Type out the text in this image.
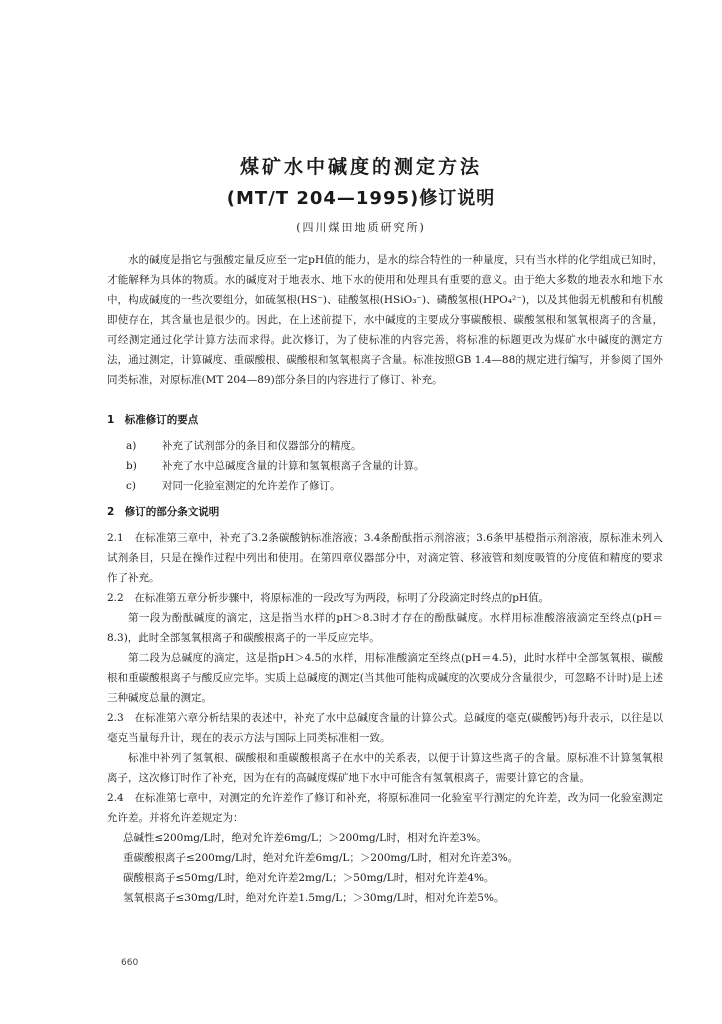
煤矿水中碱度的测定方法
(MT/T 204—1995)修订说明
(四川煤田地质研究所)

水的碱度是指它与强酸定量反应至一定pH值的能力，是水的综合特性的一种量度，只有当水样的化学组成已知时，才能解释为具体的物质。水的碱度对于地表水、地下水的使用和处理具有重要的意义。由于绝大多数的地表水和地下水中，构成碱度的一些次要组分，如硫氢根(HS⁻)、硅酸氢根(HSiO₃⁻)、磷酸氢根(HPO₄²⁻)，以及其他弱无机酸和有机酸即使存在，其含量也是很少的。因此，在上述前提下，水中碱度的主要成分事碳酸根、碳酸氢根和氢氧根离子的含量，可经测定通过化学计算方法而求得。此次修订，为了使标准的内容完善，将标准的标题更改为煤矿水中碱度的测定方法，通过测定，计算碱度、重碳酸根、碳酸根和氢氧根离子含量。标准按照GB 1.4—88的规定进行编写，并参阅了国外同类标准，对原标准(MT 204—89)部分条目的内容进行了修订、补充。

1　标准修订的要点
a)	补充了试剂部分的条目和仪器部分的精度。
b)	补充了水中总碱度含量的计算和氢氧根离子含量的计算。
c)	对同一化验室测定的允许差作了修订。
2　修订的部分条文说明

2.1　在标准第三章中，补充了3.2条碳酸钠标准溶液；3.4条酚酞指示剂溶液；3.6条甲基橙指示剂溶液，原标准未列入试剂条目，只是在操作过程中列出和使用。在第四章仪器部分中，对滴定管、移液管和刻度吸管的分度值和精度的要求作了补充。

2.2　在标准第五章分析步骤中，将原标准的一段改写为两段，标明了分段滴定时终点的pH值。

第一段为酚酞碱度的滴定，这是指当水样的pH＞8.3时才存在的酚酞碱度。水样用标准酸溶液滴定至终点(pH＝8.3)，此时全部氢氧根离子和碳酸根离子的一半反应完毕。

第二段为总碱度的滴定，这是指pH＞4.5的水样，用标准酸滴定至终点(pH＝4.5)，此时水样中全部氢氧根、碳酸根和重碳酸根离子与酸反应完毕。实质上总碱度的测定(当其他可能构成碱度的次要成分含量很少，可忽略不计时)是上述三种碱度总量的测定。

2.3　在标准第六章分析结果的表述中，补充了水中总碱度含量的计算公式。总碱度的毫克(碳酸钙)每升表示，以往是以毫克当量每升计，现在的表示方法与国际上同类标准相一致。

标准中补列了氢氧根、碳酸根和重碳酸根离子在水中的关系表，以便于计算这些离子的含量。原标准不计算氢氧根离子，这次修订时作了补充，因为在有的高碱度煤矿地下水中可能含有氢氧根离子，需要计算它的含量。

2.4　在标准第七章中，对测定的允许差作了修订和补充，将原标准同一化验室平行测定的允许差，改为同一化验室测定允许差。并将允许差规定为：

总碱性≤200mg/L时，绝对允许差6mg/L；＞200mg/L时，相对允许差3%。
重碳酸根离子≤200mg/L时，绝对允许差6mg/L；＞200mg/L时，相对允许差3%。
碳酸根离子≤50mg/L时，绝对允许差2mg/L；＞50mg/L时，相对允许差4%。
氢氧根离子≤30mg/L时，绝对允许差1.5mg/L；＞30mg/L时，相对允许差5%。
660
